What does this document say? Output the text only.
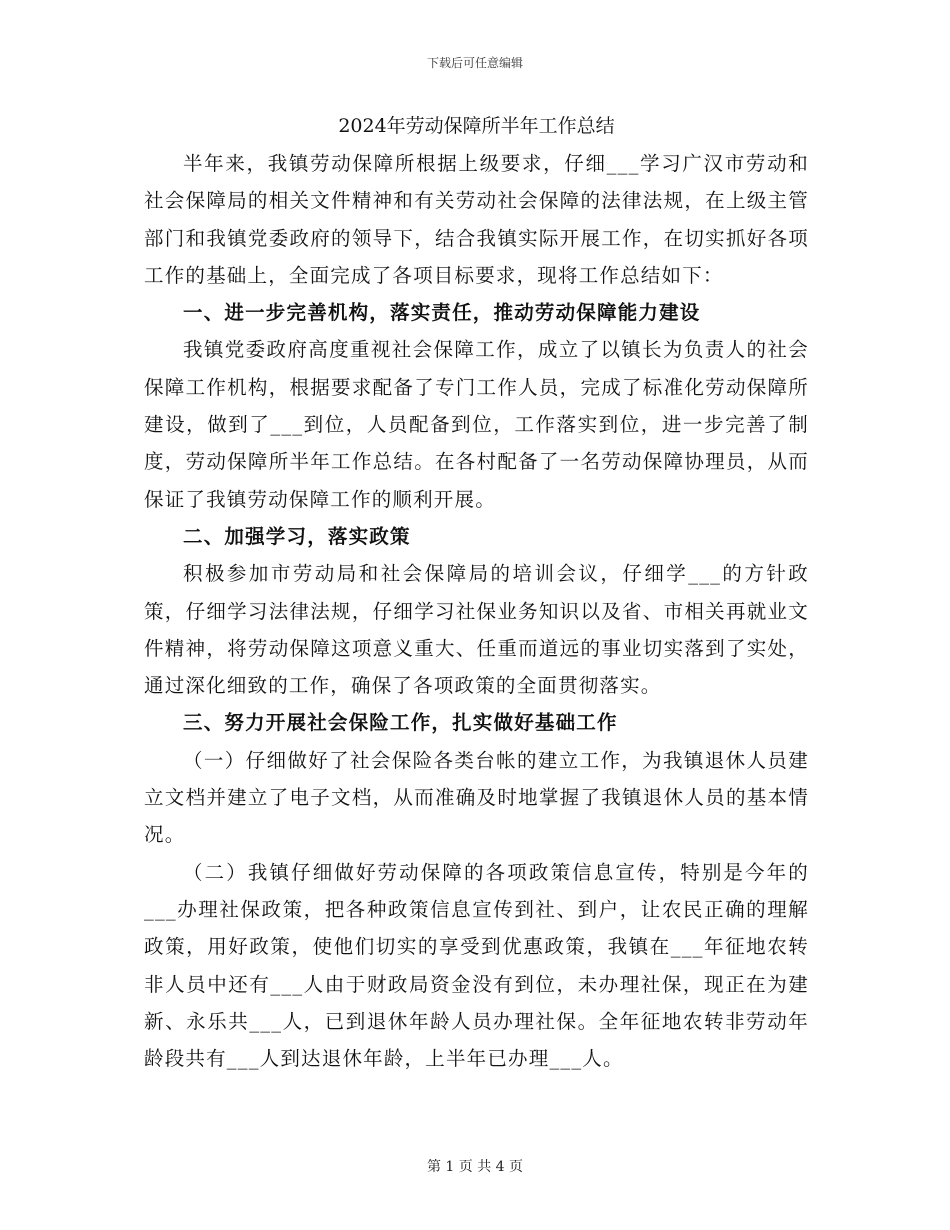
下载后可任意编辑
2024年劳动保障所半年工作总结

半年来，我镇劳动保障所根据上级要求，仔细___学习广汉市劳动和社会保障局的相关文件精神和有关劳动社会保障的法律法规，在上级主管部门和我镇党委政府的领导下，结合我镇实际开展工作，在切实抓好各项工作的基础上，全面完成了各项目标要求，现将工作总结如下：

一、进一步完善机构，落实责任，推动劳动保障能力建设

我镇党委政府高度重视社会保障工作，成立了以镇长为负责人的社会保障工作机构，根据要求配备了专门工作人员，完成了标准化劳动保障所建设，做到了___到位，人员配备到位，工作落实到位，进一步完善了制度，劳动保障所半年工作总结。在各村配备了一名劳动保障协理员，从而保证了我镇劳动保障工作的顺利开展。

二、加强学习，落实政策

积极参加市劳动局和社会保障局的培训会议，仔细学___的方针政策，仔细学习法律法规，仔细学习社保业务知识以及省、市相关再就业文件精神，将劳动保障这项意义重大、任重而道远的事业切实落到了实处，通过深化细致的工作，确保了各项政策的全面贯彻落实。

三、努力开展社会保险工作，扎实做好基础工作

（一）仔细做好了社会保险各类台帐的建立工作，为我镇退休人员建立文档并建立了电子文档，从而准确及时地掌握了我镇退休人员的基本情况。

（二）我镇仔细做好劳动保障的各项政策信息宣传，特别是今年的___办理社保政策，把各种政策信息宣传到社、到户，让农民正确的理解政策，用好政策，使他们切实的享受到优惠政策，我镇在___年征地农转非人员中还有___人由于财政局资金没有到位，未办理社保，现正在为建新、永乐共___人，已到退休年龄人员办理社保。全年征地农转非劳动年龄段共有___人到达退休年龄，上半年已办理___人。

第 1 页 共 4 页
